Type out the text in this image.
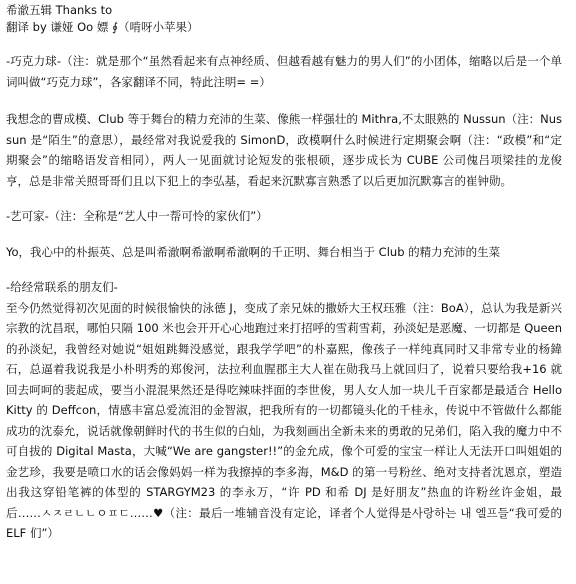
希澈五辑 Thanks to
翻译 by 谦娅 Oo 嫖 ∮（啃呀小苹果）
-巧克力球-（注：就是那个“虽然看起来有点神经质、但越看越有魅力的男人们”的小团体，缩略以后是一个单词叫做“巧克力球”，各家翻译不同，特此注明= =）
我想念的曹成模、Club 等于舞台的精力充沛的生菜、像熊一样强壮的 Mithra,不太眼熟的 Nussun（注：Nussun 是“陌生”的意思），最经常对我说爱我的 SimonD，政模啊什么时候进行定期聚会啊（注：“政模”和“定期聚会”的缩略语发音相同），两人一见面就讨论短发的张根硕，逐步成长为 CUBE 公司傀吕项梁挂的龙俊亨，总是非常关照哥哥们且以下犯上的李弘基，看起来沉默寡言熟悉了以后更加沉默寡言的崔钟勋。
-艺可家-（注：全称是“艺人中一帮可怜的家伙们”）
Yo，我心中的朴振英、总是叫希澈啊希澈啊希澈啊的千正明、舞台相当于 Club 的精力充沛的生菜
-给经常联系的朋友们-
至今仍然觉得初次见面的时候很愉快的泳德 J，变成了亲兄妹的撒娇大王权珏雅（注：BoA），总认为我是新兴宗教的沈昌珉，哪怕只隔 100 米也会开开心心地跑过来打招呼的雪莉雪莉，孙淡妃是恶魔、一切都是 Queen 的孙淡妃，我曾经对她说“姐姐跳舞没感觉，跟我学学吧”的朴嘉熙，像孩子一样纯真同时又非常专业的杨鍏石，总逼着我说我是小朴明秀的郑俊河，法拉利血腥郡主大人崔在勋我马上就回归了，说着只要给我+16 就回去呵呵的裴起成，要当小混混果然还是得吃辣味拌面的李世俊，男人女人加一块儿千百家都是最适合 Hello Kitty 的 Deffcon，情感丰富总爱流泪的金智淑，把我所有的一切都镜头化的千桂永，传说中不管做什么都能成功的沈泰允，说话就像朝鲜时代的书生似的白灿，为我刻画出全新未来的勇敢的兄弟们，陷入我的魔力中不可自拔的 Digital Masta，大喊“We are gangster!!”的金允成，像个可爱的宝宝一样让人无法开口叫姐姐的金艺珍，我要是喷口水的话会像妈妈一样为我擦掉的李多海，M&D 的第一号粉丝、绝对支持者沈恩京，塑造出我这穿铅笔裤的体型的 STARGYM23 的李永万，“许 PD 和希 DJ 是好朋友”热血的许粉丝许金姐，最后……ㅅㅈㄹㄴㄴㅇㅍㄷ……♥（注：最后一堆辅音没有定论，译者个人觉得是사랑하는 내 엘프들“我可爱的 ELF 们”）
